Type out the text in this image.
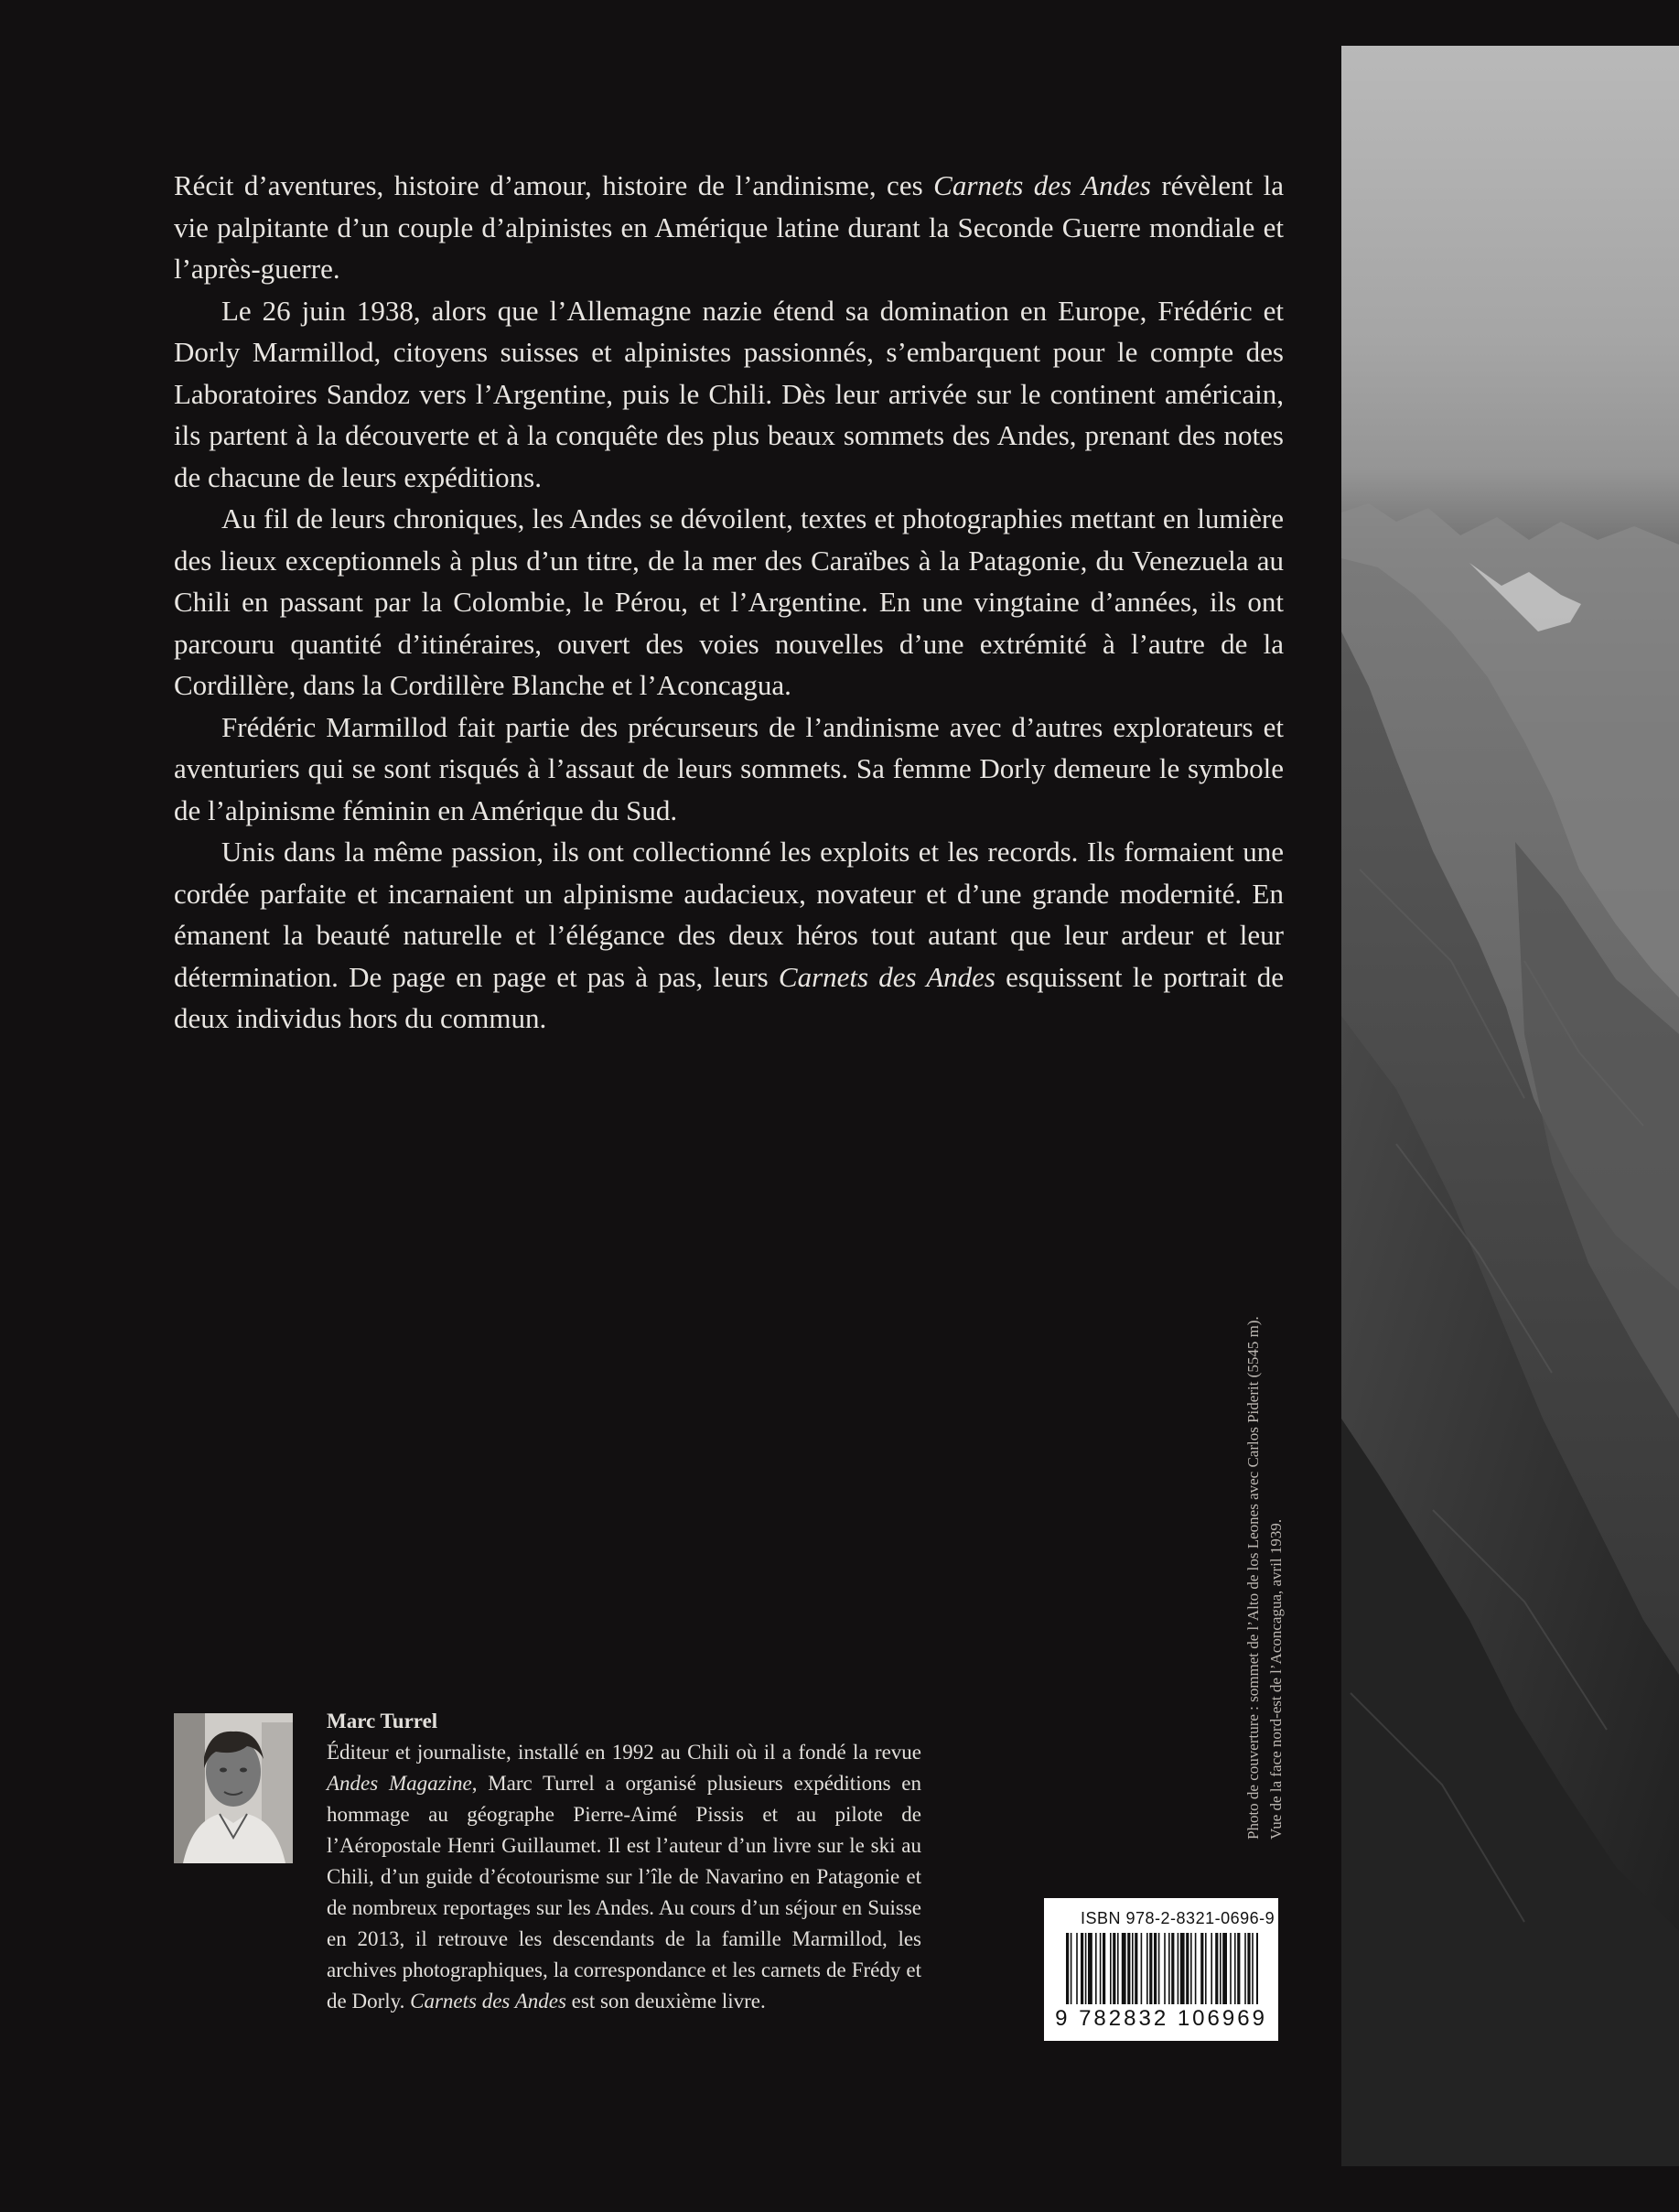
Récit d’aventures, histoire d’amour, histoire de l’andinisme, ces Carnets des Andes révèlent la vie palpitante d’un couple d’alpinistes en Amérique latine durant la Seconde Guerre mondiale et l’après-guerre.

Le 26 juin 1938, alors que l’Allemagne nazie étend sa domination en Europe, Frédéric et Dorly Marmillod, citoyens suisses et alpinistes passionnés, s’embarquent pour le compte des Laboratoires Sandoz vers l’Argentine, puis le Chili. Dès leur arrivée sur le continent américain, ils partent à la découverte et à la conquête des plus beaux sommets des Andes, prenant des notes de chacune de leurs expéditions.

Au fil de leurs chroniques, les Andes se dévoilent, textes et photographies mettant en lumière des lieux exceptionnels à plus d’un titre, de la mer des Caraïbes à la Patagonie, du Venezuela au Chili en passant par la Colombie, le Pérou, et l’Argentine. En une vingtaine d’années, ils ont parcouru quantité d’itinéraires, ouvert des voies nouvelles d’une extrémité à l’autre de la Cordillère, dans la Cordillère Blanche et l’Aconcagua.

Frédéric Marmillod fait partie des précurseurs de l’andinisme avec d’autres explorateurs et aventuriers qui se sont risqués à l’assaut de leurs sommets. Sa femme Dorly demeure le symbole de l’alpinisme féminin en Amérique du Sud.

Unis dans la même passion, ils ont collectionné les exploits et les records. Ils formaient une cordée parfaite et incarnaient un alpinisme audacieux, novateur et d’une grande modernité. En émanent la beauté naturelle et l’élégance des deux héros tout autant que leur ardeur et leur détermination. De page en page et pas à pas, leurs Carnets des Andes esquissent le portrait de deux individus hors du commun.

Photo de couverture : sommet de l’Alto de los Leones avec Carlos Piderit (5545 m). Vue de la face nord-est de l’Aconcagua, avril 1939.
Marc Turrel
Éditeur et journaliste, installé en 1992 au Chili où il a fondé la revue Andes Magazine, Marc Turrel a organisé plusieurs expéditions en hommage au géographe Pierre-Aimé Pissis et au pilote de l’Aéropostale Henri Guillaumet. Il est l’auteur d’un livre sur le ski au Chili, d’un guide d’écotourisme sur l’île de Navarino en Patagonie et de nombreux reportages sur les Andes. Au cours d’un séjour en Suisse en 2013, il retrouve les descendants de la famille Marmillod, les archives photographiques, la correspondance et les carnets de Frédy et de Dorly. Carnets des Andes est son deuxième livre.
ISBN 978-2-8321-0696-9
9 782832 106969
